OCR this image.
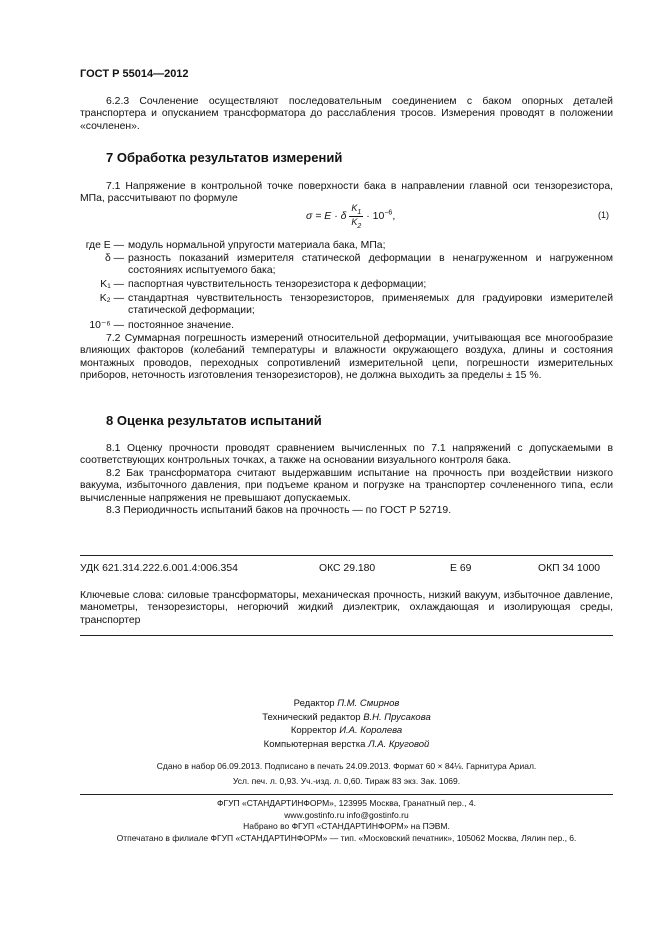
ГОСТ Р 55014—2012
6.2.3 Сочленение осуществляют последовательным соединением с баком опорных деталей транспортера и опусканием трансформатора до расслабления тросов. Измерения проводят в положении «сочленен».
7 Обработка результатов измерений
7.1 Напряжение в контрольной точке поверхности бака в направлении главной оси тензорезистора, МПа, рассчитывают по формуле
σ = E · δ $\frac{K_1}{K_2} \cdot 10^{-6}$,	(1)
где E — модуль нормальной упругости материала бака, МПа;
δ — разность показаний измерителя статической деформации в ненагруженном и нагруженном состояниях испытуемого бака;
K₁ — паспортная чувствительность тензорезистора к деформации;
K₂ — стандартная чувствительность тензорезисторов, применяемых для градуировки измерителей статической деформации;
10⁻⁶ — постоянное значение.
7.2 Суммарная погрешность измерений относительной деформации, учитывающая все многообразие влияющих факторов (колебаний температуры и влажности окружающего воздуха, длины и состояния монтажных проводов, переходных сопротивлений измерительной цепи, погрешности измерительных приборов, неточность изготовления тензорезисторов), не должна выходить за пределы ± 15 %.
8 Оценка результатов испытаний
8.1 Оценку прочности проводят сравнением вычисленных по 7.1 напряжений с допускаемыми в соответствующих контрольных точках, а также на основании визуального контроля бака.
8.2 Бак трансформатора считают выдержавшим испытание на прочность при воздействии низкого вакуума, избыточного давления, при подъеме краном и погрузке на транспортер сочлененного типа, если вычисленные напряжения не превышают допускаемых.
8.3 Периодичность испытаний баков на прочность — по ГОСТ Р 52719.
УДК 621.314.222.6.001.4:006.354	ОКС 29.180	Е 69	ОКП 34 1000
Ключевые слова: силовые трансформаторы, механическая прочность, низкий вакуум, избыточное давление, манометры, тензорезисторы, негорючий жидкий диэлектрик, охлаждающая и изолирующая среды, транспортер
Редактор П.М. Смирнов
Технический редактор В.Н. Прусакова
Корректор И.А. Королева
Компьютерная верстка Л.А. Круговой
Сдано в набор 06.09.2013. Подписано в печать 24.09.2013. Формат 60 × 84⅛. Гарнитура Ариал.
Усл. печ. л. 0,93. Уч.-изд. л. 0,60. Тираж 83 экз. Зак. 1069.
ФГУП «СТАНДАРТИНФОРМ», 123995 Москва, Гранатный пер., 4.
www.gostinfo.ru info@gostinfo.ru
Набрано во ФГУП «СТАНДАРТИНФОРМ» на ПЭВМ.
Отпечатано в филиале ФГУП «СТАНДАРТИНФОРМ» — тип. «Московский печатник», 105062 Москва, Лялин пер., 6.
